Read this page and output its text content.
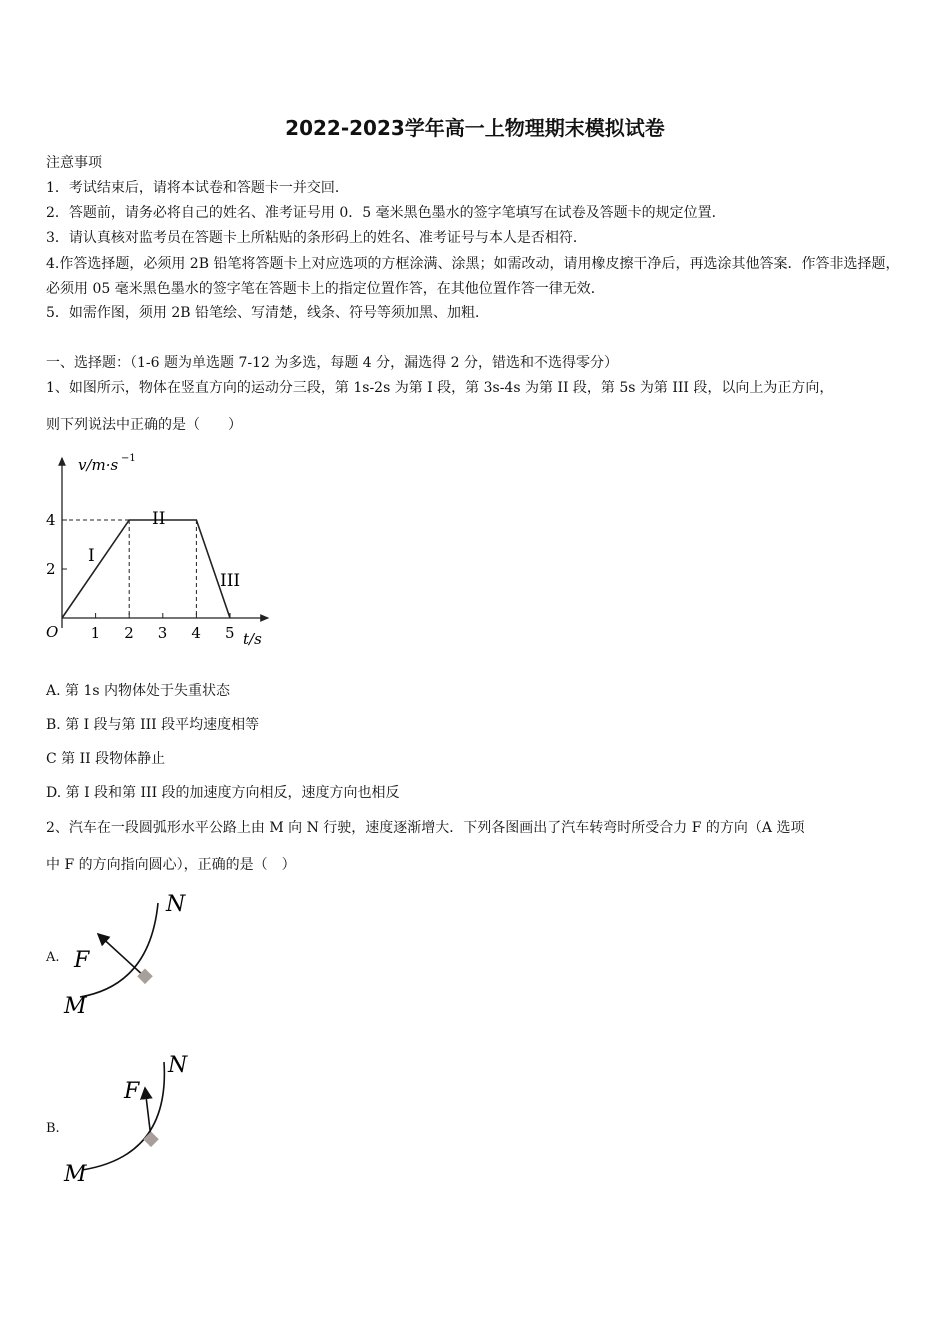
2022-2023学年高一上物理期末模拟试卷
注意事项
1．考试结束后，请将本试卷和答题卡一并交回．
2．答题前，请务必将自己的姓名、准考证号用 0．5 毫米黑色墨水的签字笔填写在试卷及答题卡的规定位置．
3．请认真核对监考员在答题卡上所粘贴的条形码上的姓名、准考证号与本人是否相符．
4.作答选择题，必须用 2B 铅笔将答题卡上对应选项的方框涂满、涂黑；如需改动，请用橡皮擦干净后，再选涂其他答案．作答非选择题，必须用 05 毫米黑色墨水的签字笔在答题卡上的指定位置作答，在其他位置作答一律无效．
5．如需作图，须用 2B 铅笔绘、写清楚，线条、符号等须加黑、加粗．
一、选择题：（1-6 题为单选题 7-12 为多选，每题 4 分，漏选得 2 分，错选和不选得零分）
1、如图所示，物体在竖直方向的运动分三段，第 1s-2s 为第 I 段，第 3s-4s 为第 II 段，第 5s 为第 III 段，以向上为正方向，
则下列说法中正确的是（　　）
v/m·s −1
t/s
O 1 2 3 4 5
2
4
I
II
III
A. 第 1s 内物体处于失重状态
B. 第 I 段与第 III 段平均速度相等
C 第 II 段物体静止
D. 第 I 段和第 III 段的加速度方向相反，速度方向也相反
2、汽车在一段圆弧形水平公路上由 M 向 N 行驶，速度逐渐增大．下列各图画出了汽车转弯时所受合力 F 的方向（A 选项
中 F 的方向指向圆心），正确的是（　）
A. F
M
N
B.
F
M
N
